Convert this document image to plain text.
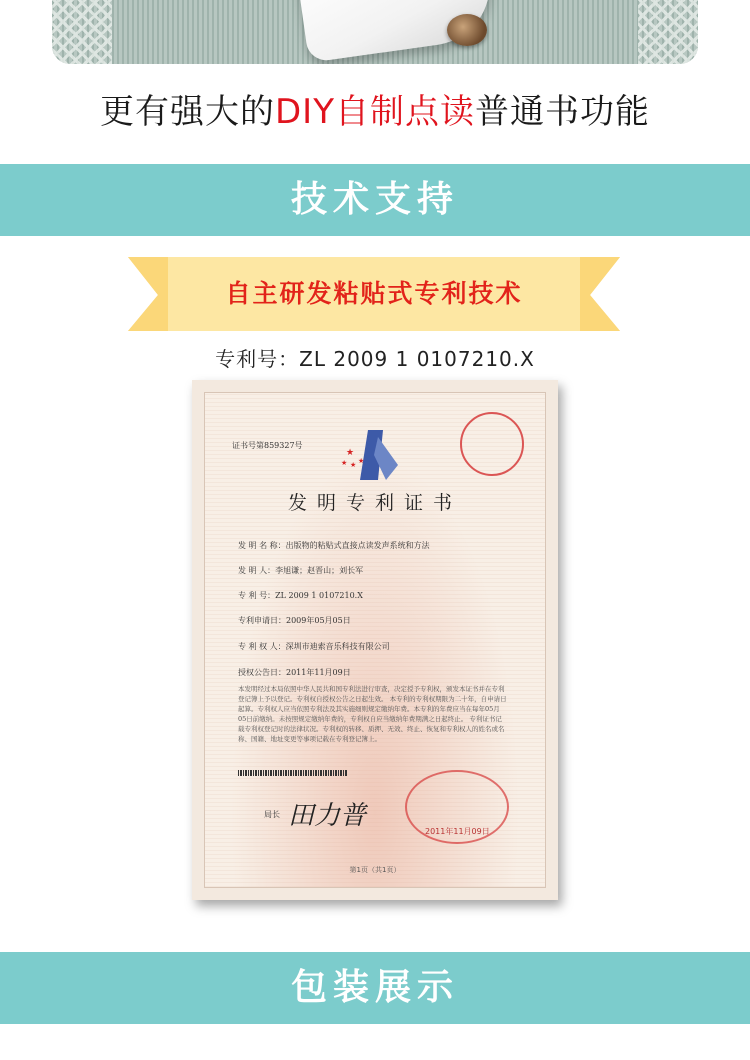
更有强大的DIY自制点读普通书功能
技术支持
自主研发粘贴式专利技术
专利号：ZL 2009 1 0107210.X
★
★ ★ ★
证书号第859327号
发明专利证书
发 明 名 称：出版物的粘贴式直接点读发声系统和方法
发 明 人：李旭谦；赵晋山；刘长军
专 利 号：ZL 2009 1 0107210.X
专利申请日：2009年05月05日
专 利 权 人：深圳市迪索音乐科技有限公司
授权公告日：2011年11月09日
本发明经过本局依照中华人民共和国专利法进行审查，决定授予专利权，颁发本证书并在专利登记簿上予以登记。专利权自授权公告之日起生效。 本专利的专利权期限为二十年，自申请日起算。专利权人应当依照专利法及其实施细则规定缴纳年费。本专利的年费应当在每年05月05日前缴纳。未按照规定缴纳年费的，专利权自应当缴纳年费期满之日起终止。 专利证书记载专利权登记时的法律状况。专利权的转移、质押、无效、终止、恢复和专利权人的姓名或名称、国籍、地址变更等事项记载在专利登记簿上。
2011年11月09日
局长 田力普
第1页（共1页）
包装展示
